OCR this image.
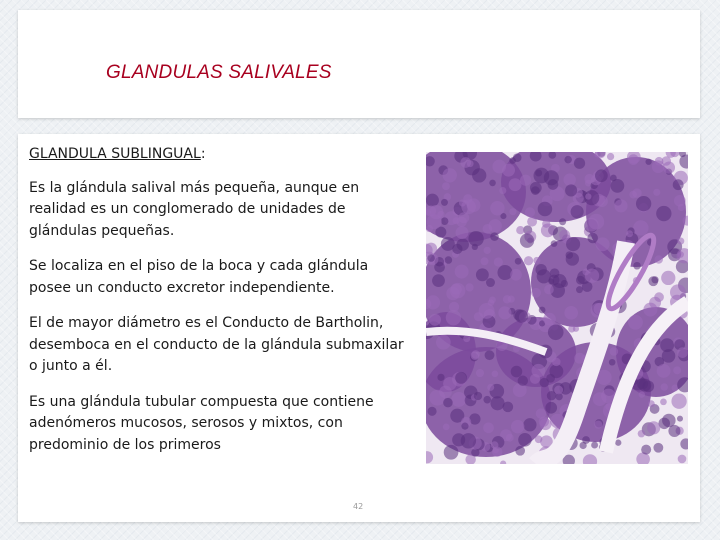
GLANDULAS SALIVALES
GLANDULA SUBLINGUAL:

Es la glándula salival más pequeña, aunque en realidad es un conglomerado de unidades de glándulas pequeñas.

Se localiza en el piso de la boca y cada glándula posee un conducto excretor independiente.

El de mayor diámetro es el Conducto de Bartholin, desemboca en el conducto de la glándula submaxilar o junto a él.

Es una glándula tubular compuesta que contiene adenómeros mucosos, serosos y mixtos, con predominio de los primeros

42
